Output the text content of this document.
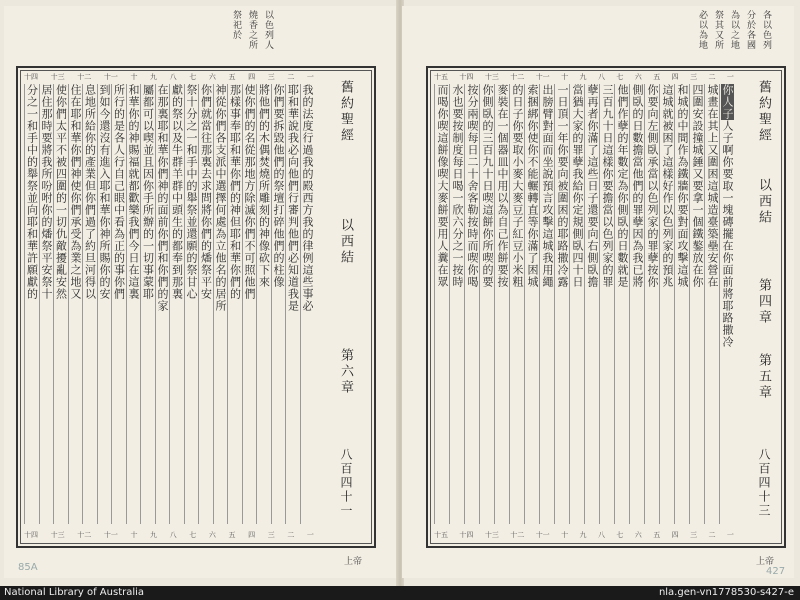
以色列人
燒香之所
祭祀於
一
二
三
四
五
六
七
八
九
十
十一
十二
十三
十四
我的法度行過我的殿西方我的律例這些事必
耶和華說我必向他們行審判他們必知道我是
你們要拆毀他們的祭壇打碎他們的柱像
將他們的木偶焚燒所雕刻的神像砍下來
使你們的名從那地方除滅你們不可照他們
那樣事奉耶和華你們的神但耶和華你們的
神從你們各支派中選擇何處為立他名的居所
你們就當往那裏去求問將你們的燔祭平安
祭十分之一和手中的舉祭並還願的祭甘心
獻的祭以及牛群羊群中頭生的都奉到那裏
在那裏耶和華你們神的面前你們和你們的家
屬都可以喫並且因你手所辦的一切事蒙耶
和華你的神賜福就都歡樂我們今日在這裏
所行的是各人行自己眼中看為正的事你們
到如今還沒有進入耶和華你神所賜你的安
息地所給你的產業但你們過了約旦河得以
住在耶和華你們神使你們承受為業之地又
使你們太平不被四圍的一切仇敵擾亂安然
居住那時要將我所吩咐你的燔祭平安祭十
分之一和手中的舉祭並向耶和華許願獻的
一
二
三
四
五
六
七
八
九
十
十一
十二
十三
十四
舊約聖經
以西結
第六章
八百四十一
上帝
85A
各以色列
分於各國
為以之地
祭其又所
必以為地
一
二
三
四
五
六
七
八
九
十
十一
十二
十三
十四
十五
你人子人子啊你要取一塊磚擺在你面前將耶路撒冷
城畫在其上又圍困這城造臺築壘安營在
四圍安設撞城錘又要拿一個鐵鏊放在你
和城的中間作為鐵牆你要對面攻擊這城
這城就被困了這樣好作以色列家的預兆
你要向左側臥承當以色列家的罪孽按你
側臥的日數擔當他們的罪孽因為我已將
他們作孽的年數定為你側臥的日數就是
三百九十日這樣你要擔當以色列家的罪
孽再者你滿了這些日子還要向右側臥擔
當猶大家的罪孽我給你定規側臥四十日
一日頂一年你要向被圍困的耶路撒冷露
出膀臂對面而坐說預言攻擊這城我用繩
索捆綁你使你不能輾轉直等你滿了困城
的日子你要取小麥大麥豆子紅豆小米粗
麥裝在一個器皿中用以為自己作餅要按
你側臥的三百九十日喫這餅你所喫的要
按分兩喫每日二十舍客勒按時而喫你喝
水也要按制度每日喝一欣六分之一按時
而喝你喫這餅像喫大麥餅要用人糞在眾
一
二
三
四
五
六
七
八
九
十
十一
十二
十三
十四
十五
舊約聖經
以西結
第四章
第五章
八百四十三
上帝
427
National Library of Australia	nla.gen-vn1778530-s427-e
